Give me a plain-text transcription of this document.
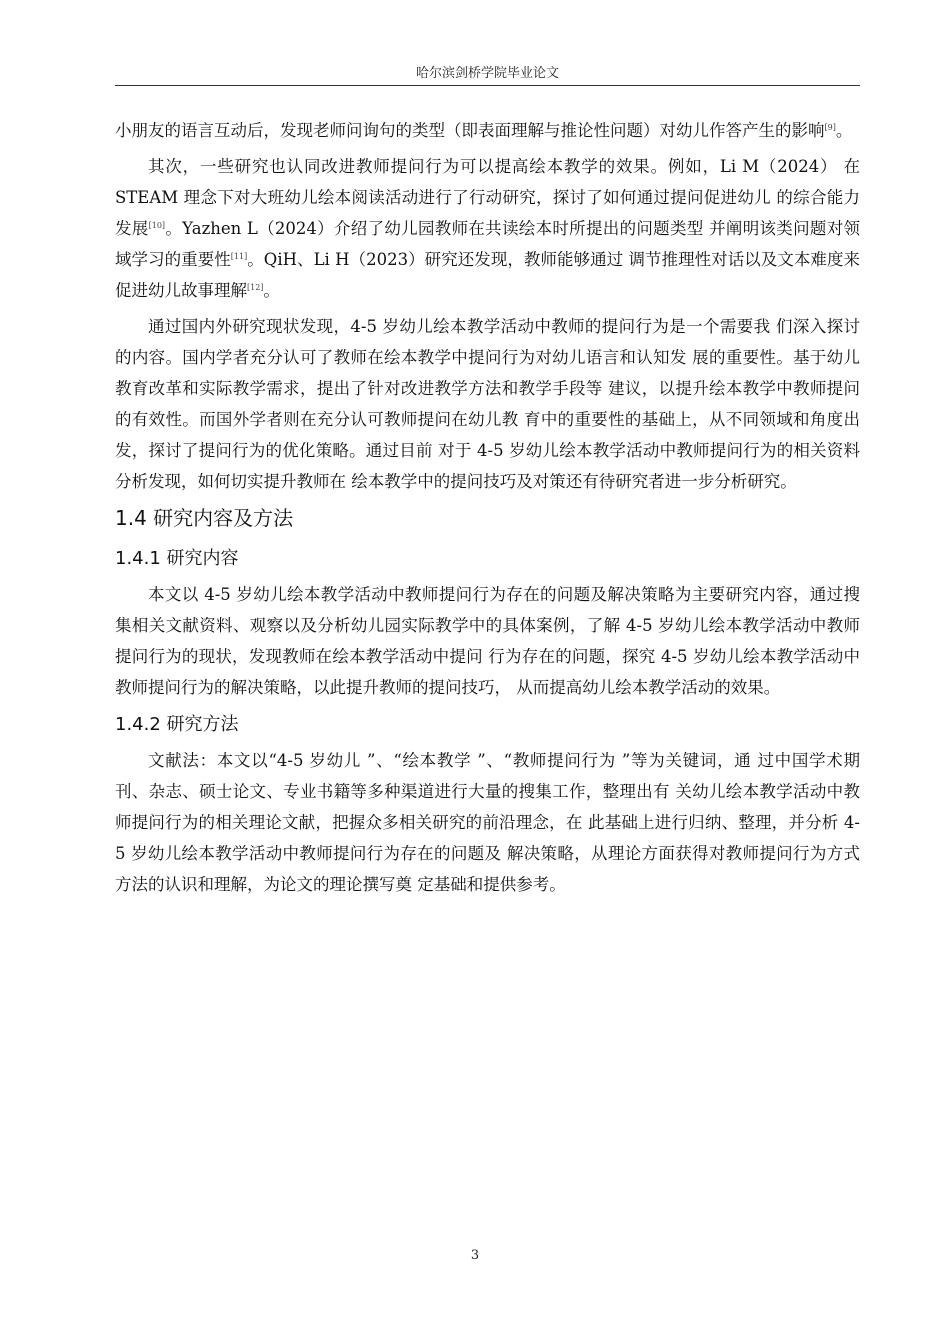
哈尔滨剑桥学院毕业论文

小朋友的语言互动后，发现老师问询句的类型（即表面理解与推论性问题）对幼儿作答产生的影响[9]。

其次，一些研究也认同改进教师提问行为可以提高绘本教学的效果。例如，Li M（2024） 在 STEAM 理念下对大班幼儿绘本阅读活动进行了行动研究，探讨了如何通过提问促进幼儿 的综合能力发展[10]。Yazhen L（2024）介绍了幼儿园教师在共读绘本时所提出的问题类型 并阐明该类问题对领域学习的重要性[11]。QiH、Li H（2023）研究还发现，教师能够通过 调节推理性对话以及文本难度来促进幼儿故事理解[12]。

通过国内外研究现状发现，4-5 岁幼儿绘本教学活动中教师的提问行为是一个需要我 们深入探讨的内容。国内学者充分认可了教师在绘本教学中提问行为对幼儿语言和认知发 展的重要性。基于幼儿教育改革和实际教学需求，提出了针对改进教学方法和教学手段等 建议，以提升绘本教学中教师提问的有效性。而国外学者则在充分认可教师提问在幼儿教 育中的重要性的基础上，从不同领域和角度出发，探讨了提问行为的优化策略。通过目前 对于 4-5 岁幼儿绘本教学活动中教师提问行为的相关资料分析发现，如何切实提升教师在 绘本教学中的提问技巧及对策还有待研究者进一步分析研究。

1.4 研究内容及方法
1.4.1 研究内容

本文以 4-5 岁幼儿绘本教学活动中教师提问行为存在的问题及解决策略为主要研究内容，通过搜集相关文献资料、观察以及分析幼儿园实际教学中的具体案例，了解 4-5 岁幼儿绘本教学活动中教师提问行为的现状，发现教师在绘本教学活动中提问 行为存在的问题，探究 4-5 岁幼儿绘本教学活动中教师提问行为的解决策略，以此提升教师的提问技巧， 从而提高幼儿绘本教学活动的效果。

1.4.2 研究方法

文献法：本文以“4-5 岁幼儿 ”、“绘本教学 ”、“教师提问行为 ”等为关键词，通 过中国学术期刊、杂志、硕士论文、专业书籍等多种渠道进行大量的搜集工作，整理出有 关幼儿绘本教学活动中教师提问行为的相关理论文献，把握众多相关研究的前沿理念，在 此基础上进行归纳、整理，并分析 4-5 岁幼儿绘本教学活动中教师提问行为存在的问题及 解决策略，从理论方面获得对教师提问行为方式方法的认识和理解，为论文的理论撰写奠 定基础和提供参考。

3
